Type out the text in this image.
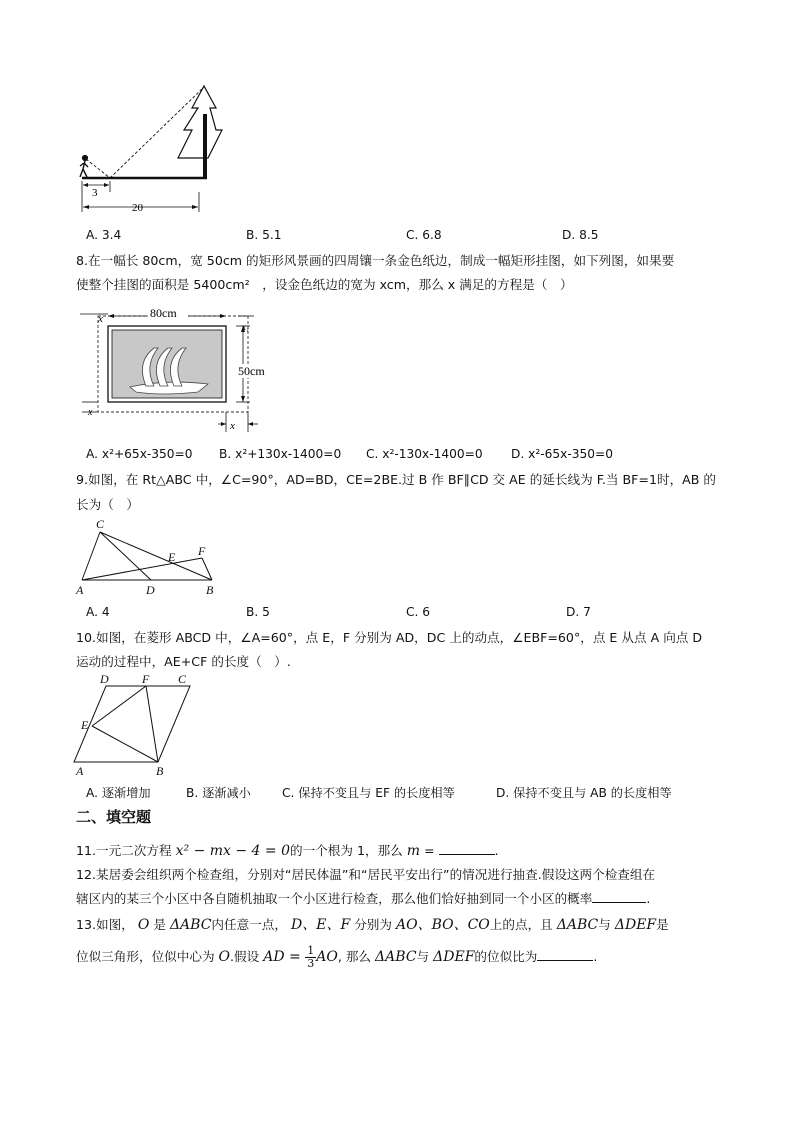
3
20
A. 3.4	B. 5.1	C. 6.8	D. 8.5
8.在一幅长 80cm，宽 50cm 的矩形风景画的四周镶一条金色纸边，制成一幅矩形挂图，如下列图，如果要
使整个挂图的面积是 5400cm²　，设金色纸边的宽为 xcm，那么 x 满足的方程是（　）
80cm
x
x
50cm
x₁
x
A. x²+65x-350=0 B. x²+130x-1400=0 C. x²-130x-1400=0 D. x²-65x-350=0
9.如图，在 Rt△ABC 中，∠C=90°，AD=BD，CE=2BE.过 B 作 BF∥CD 交 AE 的延长线为 F.当 BF=1时，AB 的
长为（　）
C
E F
A	D	B
A. 4	B. 5	C. 6	D. 7
10.如图，在菱形 ABCD 中，∠A=60°，点 E，F 分别为 AD，DC 上的动点，∠EBF=60°，点 E 从点 A 向点 D
运动的过程中，AE+CF 的长度（　）.
D	F C
E
A	B
A. 逐渐增加	B. 逐渐减小	C. 保持不变且与 EF 的长度相等	D. 保持不变且与 AB 的长度相等
二、填空题
11.一元二次方程 x² − mx − 4 = 0的一个根为 1，那么 m =	.
12.某居委会组织两个检查组，分别对“居民体温”和“居民平安出行”的情况进行抽查.假设这两个检查组在
辖区内的某三个小区中各自随机抽取一个小区进行检查，那么他们恰好抽到同一个小区的概率	.
13.如图， O 是 ΔABC内任意一点， D、E、F 分别为 AO、BO、CO上的点，且 ΔABC与 ΔDEF是
位似三角形，位似中心为 O.假设 AD = $\frac{1}{3}$ AO, 那么 ΔABC与 ΔDEF的位似比为	.
